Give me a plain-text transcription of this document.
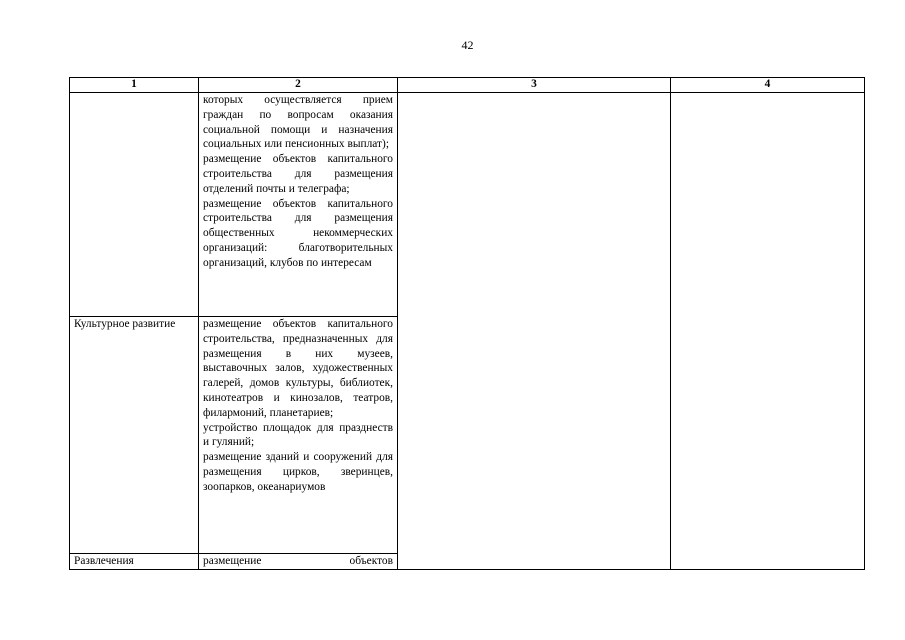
42
1	2	3	4

	которых осуществляется прием граждан по вопросам оказания социальной помощи и назначения социальных или пенсионных выплат);
размещение объектов капитального строительства для размещения отделений почты и телеграфа;
размещение объектов капитального строительства для размещения общественных некоммерческих организаций: благотворительных организаций, клубов по интересам		

Культурное развитие	размещение объектов капитального строительства, предназначенных для размещения в них музеев, выставочных залов, художественных галерей, домов культуры, библиотек, кинотеатров и кинозалов, театров, филармоний, планетариев;
устройство площадок для празднеств и гуляний;
размещение зданий и сооружений для размещения цирков, зверинцев, зоопарков, океанариумов		

Развлечения	размещение объектов		
